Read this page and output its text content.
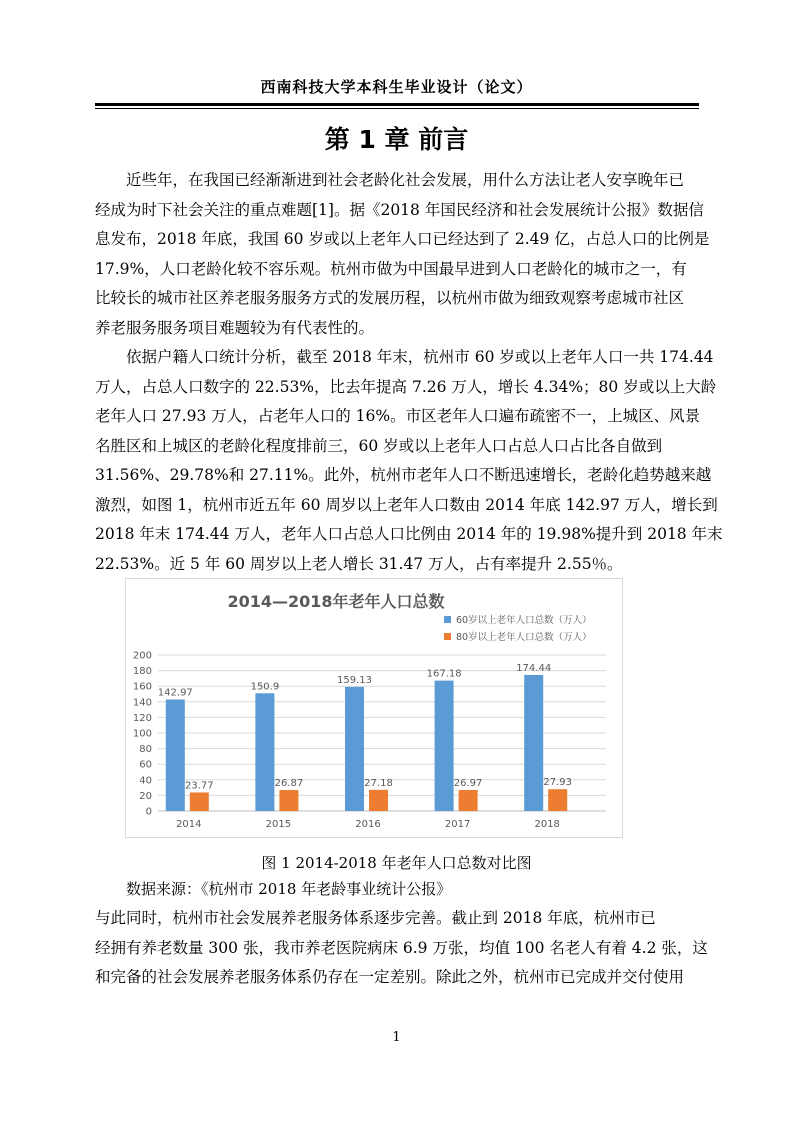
西南科技大学本科生毕业设计（论文）
第 1 章 前言
　　近些年，在我国已经渐渐进到社会老龄化社会发展，用什么方法让老人安享晚年已
经成为时下社会关注的重点难题[1]。据《2018 年国民经济和社会发展统计公报》数据信
息发布，2018 年底，我国 60 岁或以上老年人口已经达到了 2.49 亿，占总人口的比例是
17.9%，人口老龄化较不容乐观。杭州市做为中国最早进到人口老龄化的城市之一，有
比较长的城市社区养老服务服务方式的发展历程，以杭州市做为细致观察考虑城市社区
养老服务服务项目难题较为有代表性的。
　　依据户籍人口统计分析，截至 2018 年末，杭州市 60 岁或以上老年人口一共 174.44
万人，占总人口数字的 22.53%，比去年提高 7.26 万人，增长 4.34%；80 岁或以上大龄
老年人口 27.93 万人，占老年人口的 16%。市区老年人口遍布疏密不一，上城区、风景
名胜区和上城区的老龄化程度排前三，60 岁或以上老年人口占总人口占比各自做到
31.56%、29.78%和 27.11%。此外，杭州市老年人口不断迅速增长，老龄化趋势越来越
激烈，如图 1，杭州市近五年 60 周岁以上老年人口数由 2014 年底 142.97 万人，增长到
2018 年末 174.44 万人，老年人口占总人口比例由 2014 年的 19.98%提升到 2018 年末
22.53%。近 5 年 60 周岁以上老人增长 31.47 万人，占有率提升 2.55％。
2014—2018年老年人口总数
60岁以上老年人口总数（万人）
80岁以上老年人口总数（万人）
0
20
40
60
80
100
120
140
160
180
200
142.97
23.77
150.9
26.87
159.13
27.18
167.18
26.97
174.44
27.93
2014	2015	2016	2017	2018
图 1 2014-2018 年老年人口总数对比图
数据来源：《杭州市 2018 年老龄事业统计公报》
与此同时，杭州市社会发展养老服务体系逐步完善。截止到 2018 年底，杭州市已
经拥有养老数量 300 张，我市养老医院病床 6.9 万张，均值 100 名老人有着 4.2 张，这
和完备的社会发展养老服务体系仍存在一定差别。除此之外，杭州市已完成并交付使用
1
